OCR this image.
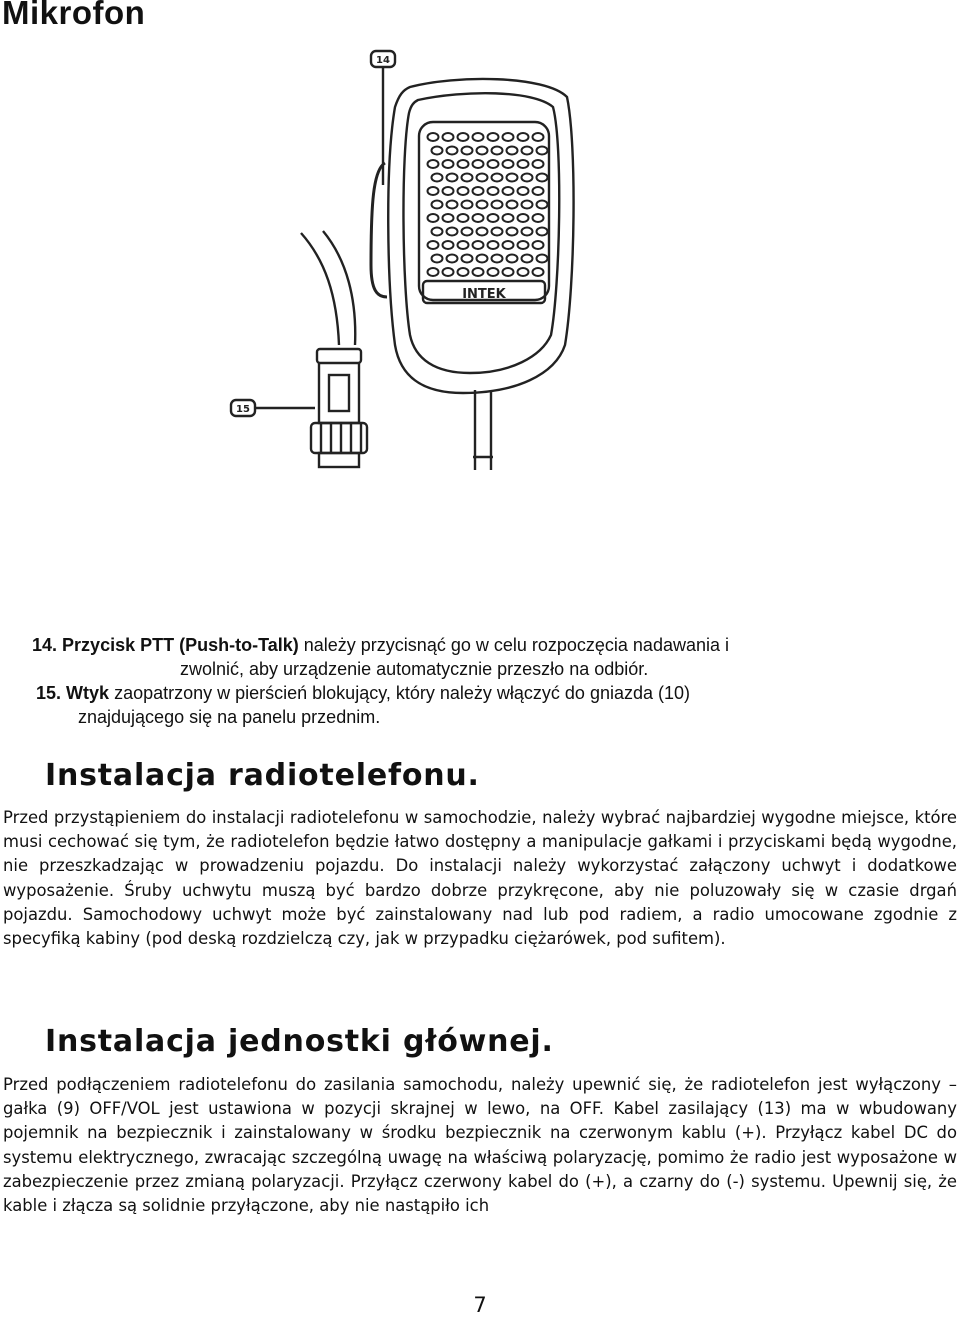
Mikrofon
14
15
INTEK
14. Przycisk PTT (Push-to-Talk) należy przycisnąć go w celu rozpoczęcia nadawania i
zwolnić, aby urządzenie automatycznie przeszło na odbiór.
15. Wtyk zaopatrzony w pierścień blokujący, który należy włączyć do gniazda (10)
znajdującego się na panelu przednim.
Instalacja radiotelefonu.

Przed przystąpieniem do instalacji radiotelefonu w samochodzie, należy wybrać najbardziej wygodne miejsce, które musi cechować się tym, że radiotelefon będzie łatwo dostępny a manipulacje gałkami i przyciskami będą wygodne, nie przeszkadzając w prowadzeniu pojazdu. Do instalacji należy wykorzystać załączony uchwyt i dodatkowe wyposażenie. Śruby uchwytu muszą być bardzo dobrze przykręcone, aby nie poluzowały się w czasie drgań pojazdu. Samochodowy uchwyt może być zainstalowany nad lub pod radiem, a radio umocowane zgodnie z specyfiką kabiny (pod deską rozdzielczą czy, jak w przypadku ciężarówek, pod sufitem).

Instalacja jednostki głównej.

Przed podłączeniem radiotelefonu do zasilania samochodu, należy upewnić się, że radiotelefon jest wyłączony – gałka (9) OFF/VOL jest ustawiona w pozycji skrajnej w lewo, na OFF. Kabel zasilający (13) ma w wbudowany pojemnik na bezpiecznik i zainstalowany w środku bezpiecznik na czerwonym kablu (+). Przyłącz kabel DC do systemu elektrycznego, zwracając szczególną uwagę na właściwą polaryzację, pomimo że radio jest wyposażone w zabezpieczenie przez zmianą polaryzacji. Przyłącz czerwony kabel do (+), a czarny do (-) systemu. Upewnij się, że kable i złącza są solidnie przyłączone, aby nie nastąpiło ich

7
